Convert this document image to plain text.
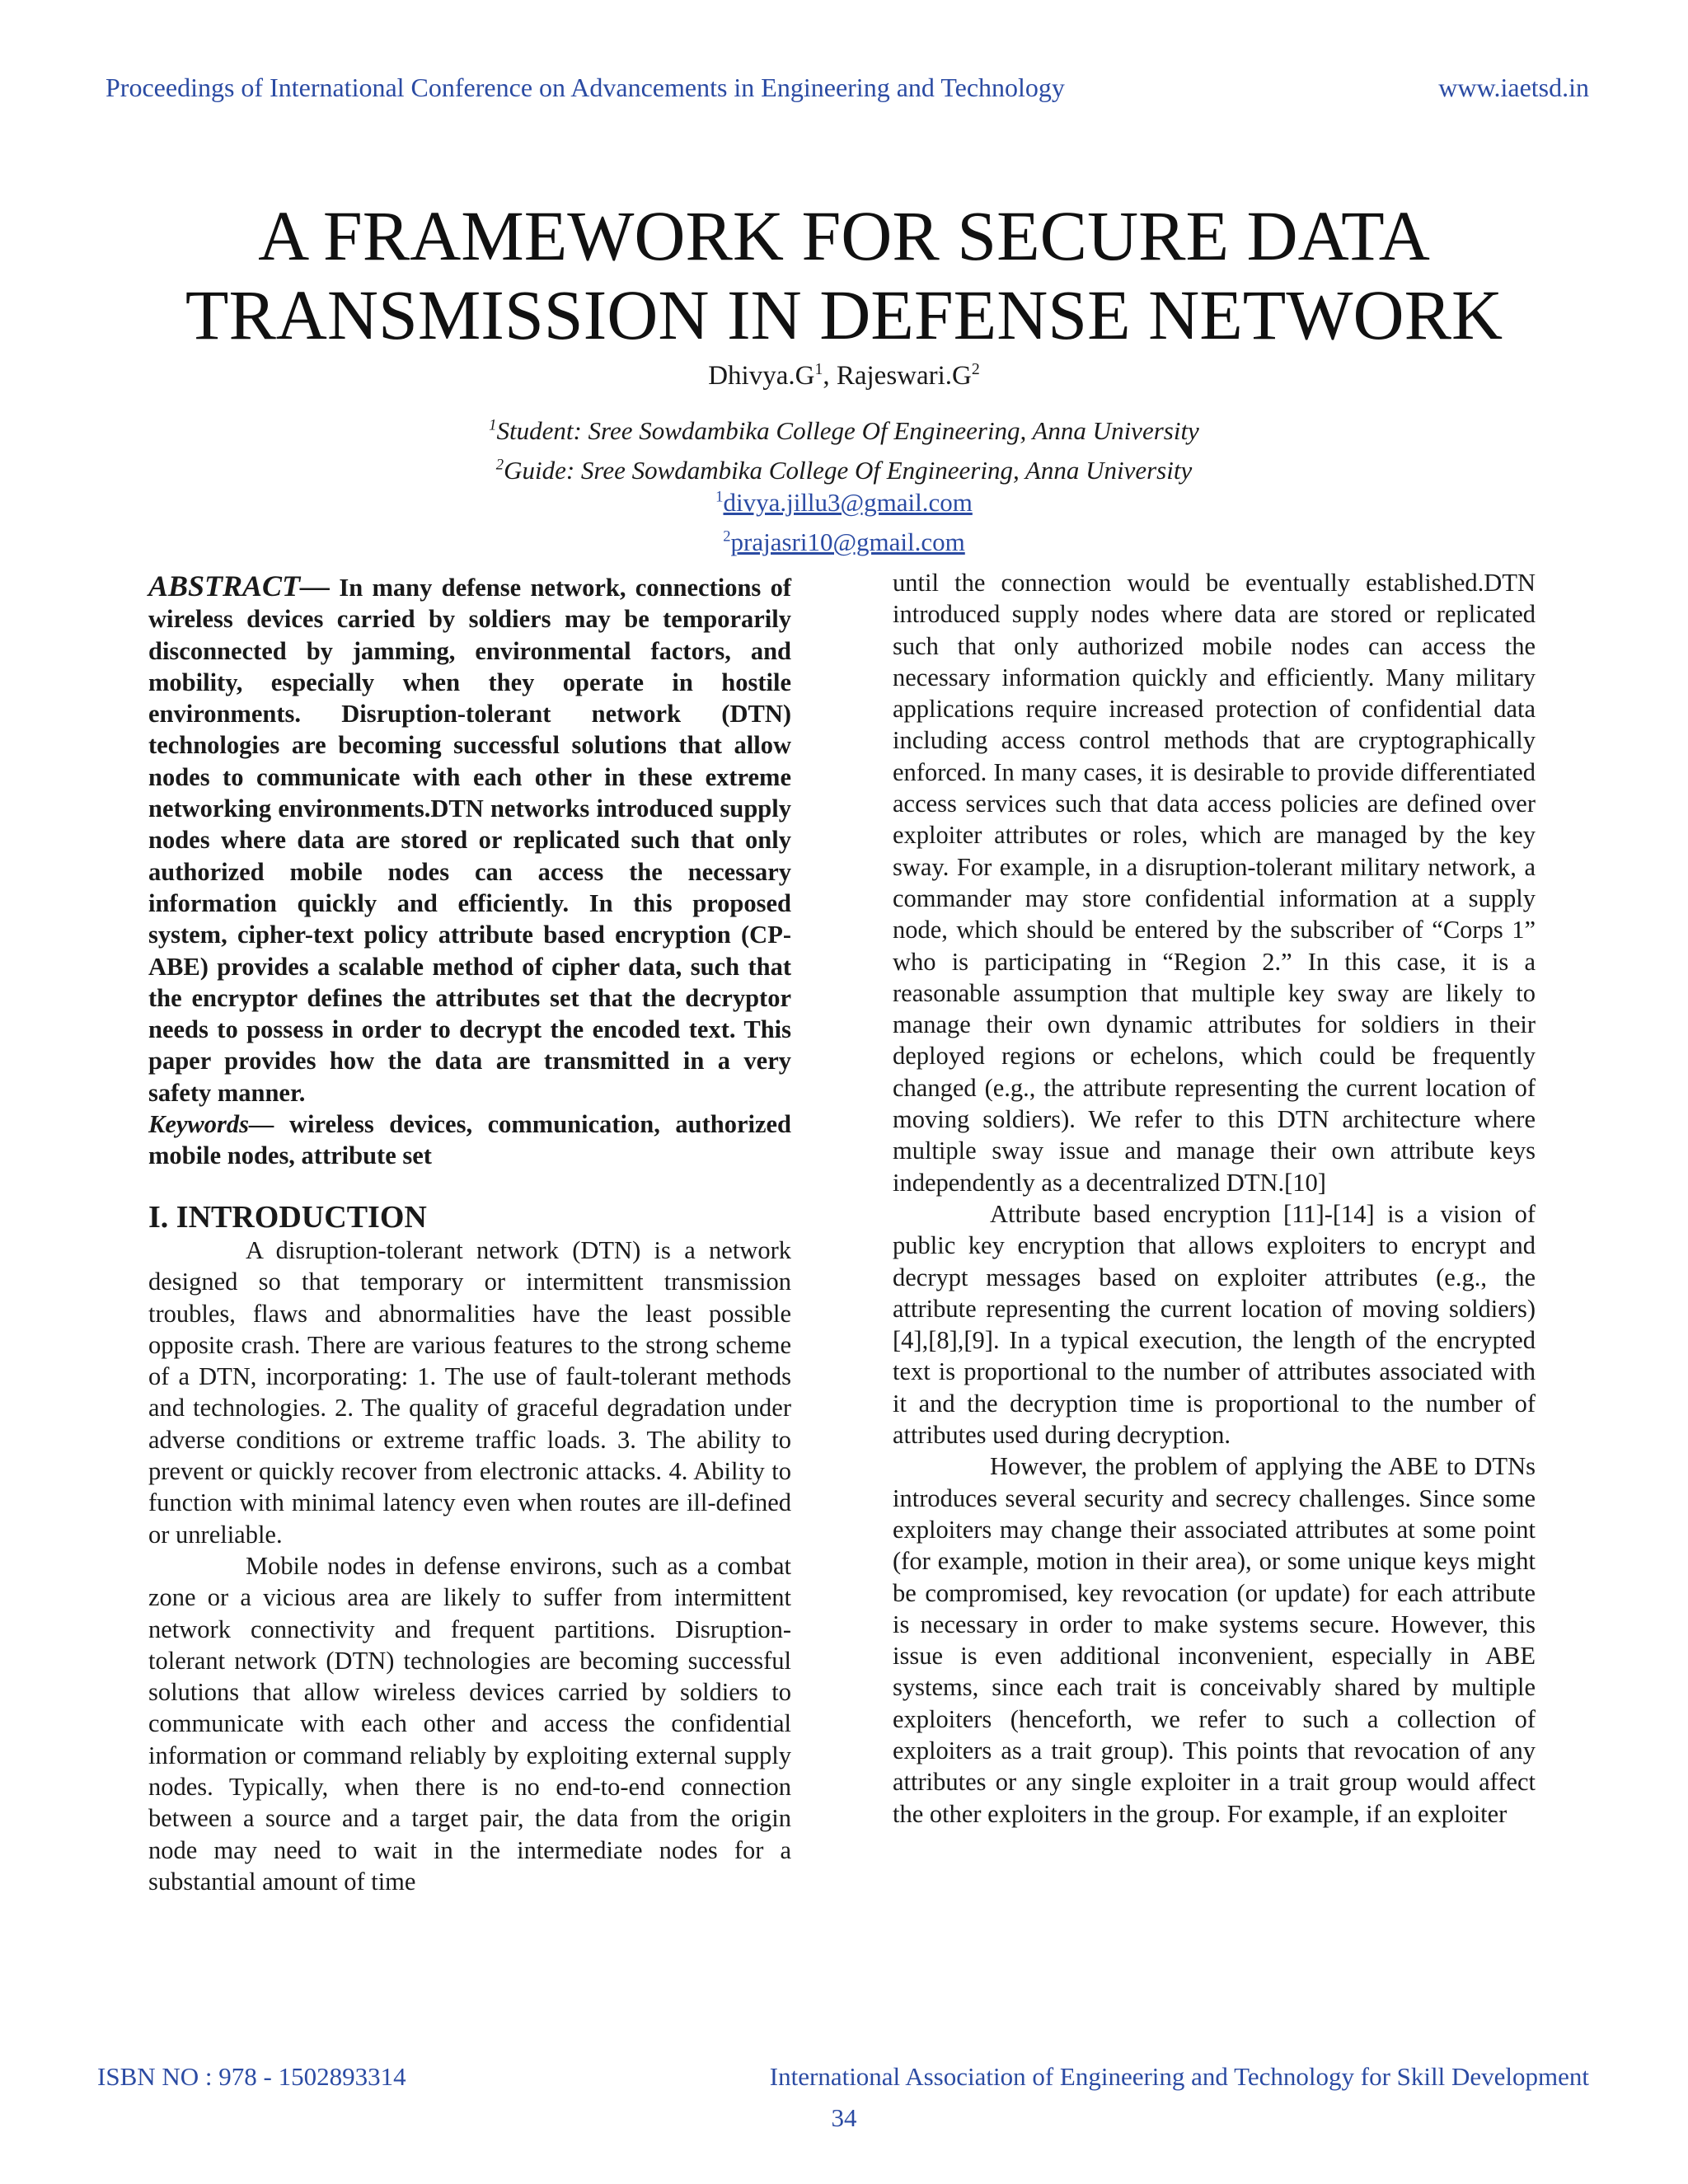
Proceedings of International Conference on Advancements in Engineering and Technology	www.iaetsd.in
A FRAMEWORK FOR SECURE DATA
TRANSMISSION IN DEFENSE NETWORK
$Dhivya.G^1$, $Rajeswari.G^2$
$^1$Student: Sree Sowdambika College Of Engineering, Anna University
$^2$Guide: Sree Sowdambika College Of Engineering, Anna University
$^1$divya.jillu3@gmail.com
$^2$prajasri10@gmail.com

ABSTRACT— In many defense network, connections of wireless devices carried by soldiers may be temporarily disconnected by jamming, environmental factors, and mobility, especially when they operate in hostile environments. Disruption-tolerant network (DTN) technologies are becoming successful solutions that allow nodes to communicate with each other in these extreme networking environments.DTN networks introduced supply nodes where data are stored or replicated such that only authorized mobile nodes can access the necessary information quickly and efficiently. In this proposed system, cipher-text policy attribute based encryption (CP-ABE) provides a scalable method of cipher data, such that the encryptor defines the attributes set that the decryptor needs to possess in order to decrypt the encoded text. This paper provides how the data are transmitted in a very safety manner.

Keywords— wireless devices, communication, authorized mobile nodes, attribute set

I. INTRODUCTION

A disruption-tolerant network (DTN) is a network designed so that temporary or intermittent transmission troubles, flaws and abnormalities have the least possible opposite crash. There are various features to the strong scheme of a DTN, incorporating: 1. The use of fault-tolerant methods and technologies. 2. The quality of graceful degradation under adverse conditions or extreme traffic loads. 3. The ability to prevent or quickly recover from electronic attacks. 4. Ability to function with minimal latency even when routes are ill-defined or unreliable.

Mobile nodes in defense environs, such as a combat zone or a vicious area are likely to suffer from intermittent network connectivity and frequent partitions. Disruption-tolerant network (DTN) technologies are becoming successful solutions that allow wireless devices carried by soldiers to communicate with each other and access the confidential information or command reliably by exploiting external supply nodes. Typically, when there is no end-to-end connection between a source and a target pair, the data from the origin node may need to wait in the intermediate nodes for a substantial amount of time

until the connection would be eventually established.DTN introduced supply nodes where data are stored or replicated such that only authorized mobile nodes can access the necessary information quickly and efficiently. Many military applications require increased protection of confidential data including access control methods that are cryptographically enforced. In many cases, it is desirable to provide differentiated access services such that data access policies are defined over exploiter attributes or roles, which are managed by the key sway. For example, in a disruption-tolerant military network, a commander may store confidential information at a supply node, which should be entered by the subscriber of “Corps 1” who is participating in “Region 2.” In this case, it is a reasonable assumption that multiple key sway are likely to manage their own dynamic attributes for soldiers in their deployed regions or echelons, which could be frequently changed (e.g., the attribute representing the current location of moving soldiers). We refer to this DTN architecture where multiple sway issue and manage their own attribute keys independently as a decentralized DTN.[10]

Attribute based encryption [11]-[14] is a vision of public key encryption that allows exploiters to encrypt and decrypt messages based on exploiter attributes (e.g., the attribute representing the current location of moving soldiers)[4],[8],[9]. In a typical execution, the length of the encrypted text is proportional to the number of attributes associated with it and the decryption time is proportional to the number of attributes used during decryption.

However, the problem of applying the ABE to DTNs introduces several security and secrecy challenges. Since some exploiters may change their associated attributes at some point (for example, motion in their area), or some unique keys might be compromised, key revocation (or update) for each attribute is necessary in order to make systems secure. However, this issue is even additional inconvenient, especially in ABE systems, since each trait is conceivably shared by multiple exploiters (henceforth, we refer to such a collection of exploiters as a trait group). This points that revocation of any attributes or any single exploiter in a trait group would affect the other exploiters in the group. For example, if an exploiter

ISBN NO : 978 - 1502893314	International Association of Engineering and Technology for Skill Development
34
